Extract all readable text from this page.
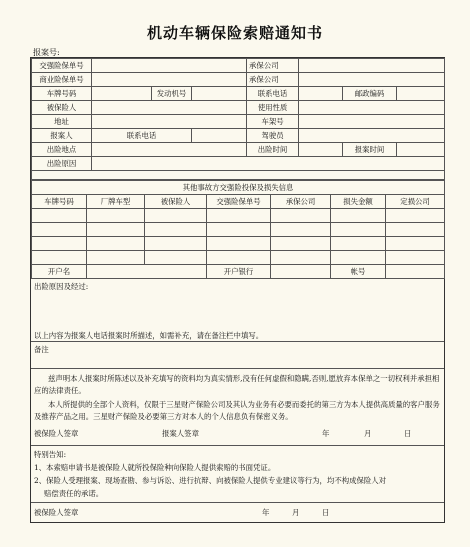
机动车辆保险索赔通知书
报案号:
交强险保单号				承保公司			
商业险保单号				承保公司			
车牌号码		发动机号		联系电话		邮政编码	
被保险人				使用性质			
地址				车架号			
报案人	联系电话			驾驶员			
出险地点				出险时间		报案时间	
出险原因							

其他事故方交强险投保及损失信息						
车牌号码	厂牌车型	被保险人	交强险保单号	承保公司	损失金额	定损公司

开户名			开户银行		帐号	
出险原因及经过:
以上内容为报案人电话报案时所描述，如需补充，请在备注栏中填写。
备注
兹声明本人报案时所陈述以及补充填写的资料均为真实情形,没有任何虚假和隐瞒,否则,愿放弃本保单之一切权利并承担相应的法律责任。
本人所提供的全部个人资料，仅限于三星财产保险公司及其认为业务有必要而委托的第三方为本人提供高质量的客户服务及推荐产品之用。三星财产保险及必要第三方对本人的个人信息负有保密义务。
被保险人签章	报案人签章	年	月	日
特别告知:
1、本索赔申请书是被保险人就所投保险种向保险人提供索赔的书面凭证。
2、保险人受理报案、现场查勘、参与诉讼、进行抗辩、向被保险人提供专业建议等行为，均不构成保险人对
赔偿责任的承诺。
被保险人签章	年	月	日
